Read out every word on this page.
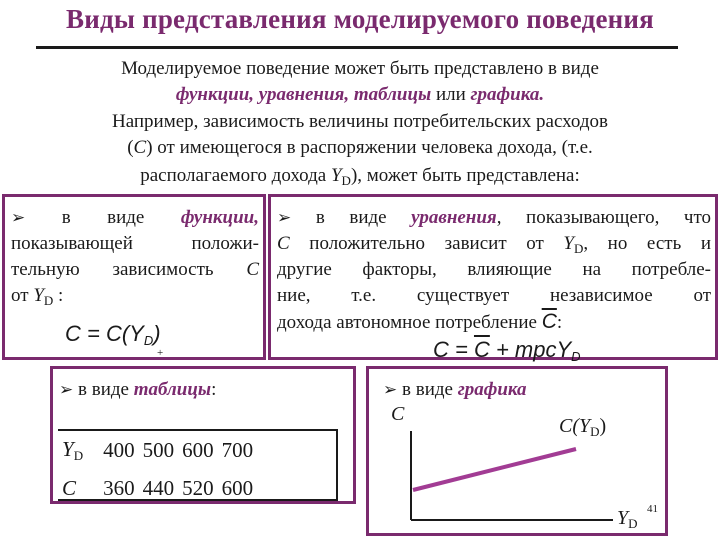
Виды представления моделируемого поведения
Моделируемое поведение может быть представлено в виде
функции, уравнения, таблицы или графика.
Например, зависимость величины потребительских расходов
(C) от имеющегося в распоряжении человека дохода, (т.е.
располагаемого дохода $Y_D$), может быть представлена:
➢ в виде функции,
показывающей положи-
тельную зависимость C
от $Y_D$ :
$C = C(Y_D)$
+
➢ в виде уравнения, показывающего, что
C положительно зависит от $Y_D$, но есть и
другие факторы, влияющие на потребле-
ние, т.е. существует независимое от
дохода автономное потребление $\overline{C}$:
$C = \overline{C}$ + mpcY$_D$
➢ в виде таблицы:
$Y_D$	400	500	600	700
C	360	440	520	600
➢ в виде графика
C
$C(Y_D)$
$Y_D$
41
